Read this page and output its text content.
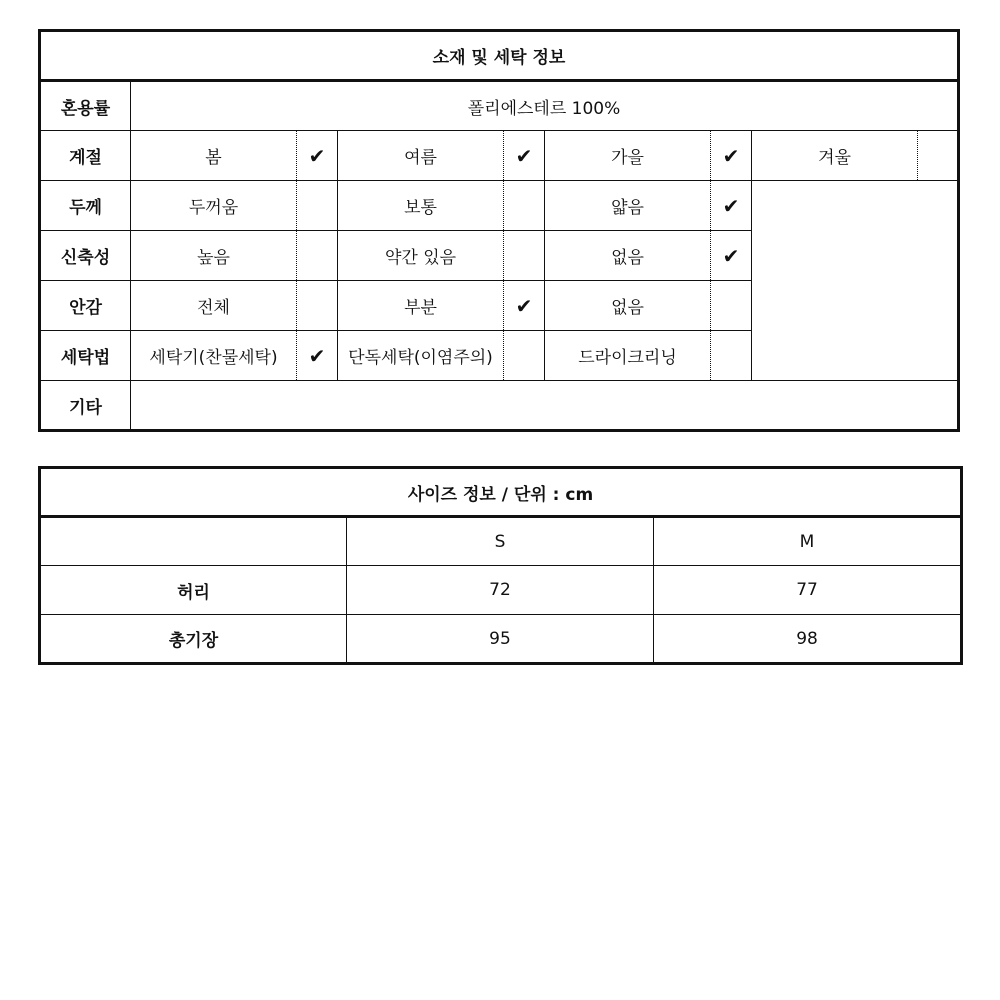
소재 및 세탁 정보								
혼용률	폴리에스테르 100%							
계절	봄	✔	여름	✔	가을	✔	겨울	
두께	두꺼움		보통		얇음	✔		
신축성	높음		약간 있음		없음	✔		
안감	전체		부분	✔	없음			
세탁법	세탁기(찬물세탁)	✔	단독세탁(이염주의)		드라이크리닝			
기타								
사이즈 정보 / 단위 : cm		
	S	M
허리	72	77
총기장	95	98
